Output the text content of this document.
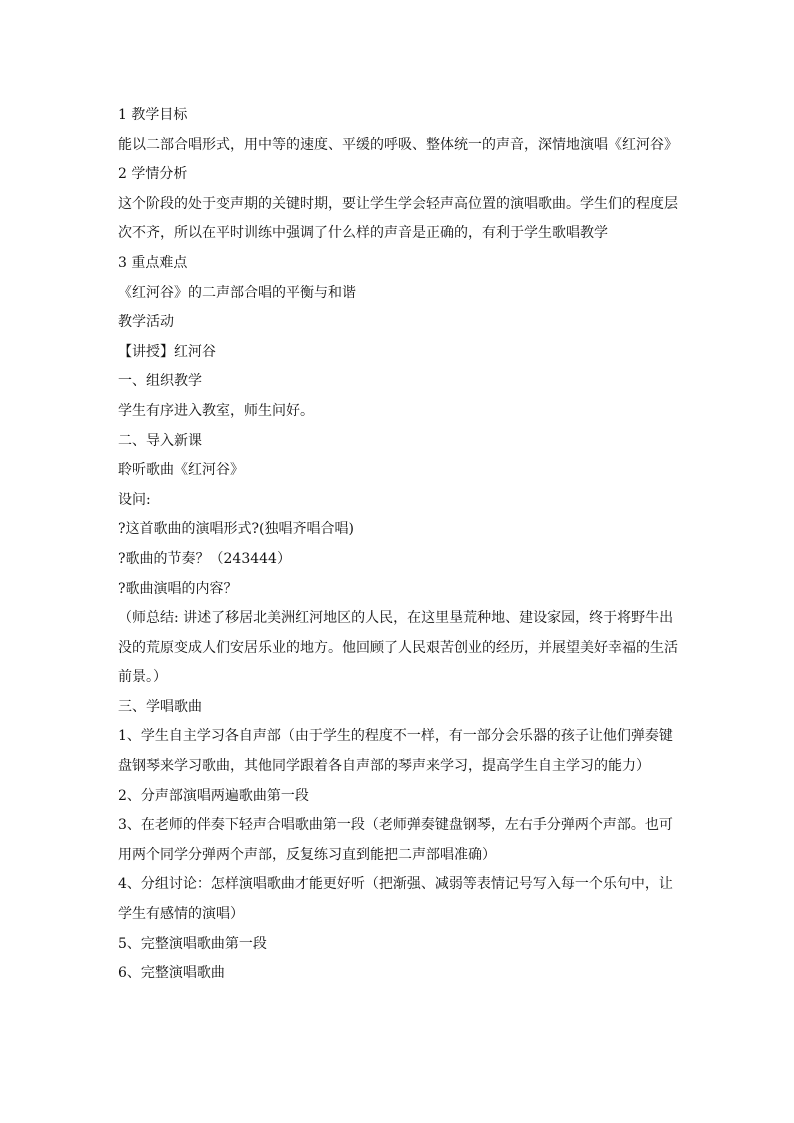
1 教学目标

能以二部合唱形式，用中等的速度、平缓的呼吸、整体统一的声音，深情地演唱《红河谷》

2 学情分析

这个阶段的处于变声期的关键时期，要让学生学会轻声高位置的演唱歌曲。学生们的程度层

次不齐，所以在平时训练中强调了什么样的声音是正确的，有利于学生歌唱教学

3 重点难点

《红河谷》的二声部合唱的平衡与和谐

教学活动

【讲授】红河谷

一、组织教学

学生有序进入教室，师生问好。

二、导入新课

聆听歌曲《红河谷》

设问:

?这首歌曲的演唱形式?(独唱齐唱合唱)

?歌曲的节奏？（243444）

?歌曲演唱的内容？

（师总结: 讲述了移居北美洲红河地区的人民，在这里垦荒种地、建设家园，终于将野牛出

没的荒原变成人们安居乐业的地方。他回顾了人民艰苦创业的经历，并展望美好幸福的生活

前景。）

三、学唱歌曲

1、学生自主学习各自声部（由于学生的程度不一样，有一部分会乐器的孩子让他们弹奏键

盘钢琴来学习歌曲，其他同学跟着各自声部的琴声来学习，提高学生自主学习的能力）

2、分声部演唱两遍歌曲第一段

3、在老师的伴奏下轻声合唱歌曲第一段（老师弹奏键盘钢琴，左右手分弹两个声部。也可

用两个同学分弹两个声部，反复练习直到能把二声部唱准确）

4、分组讨论：怎样演唱歌曲才能更好听（把渐强、减弱等表情记号写入每一个乐句中，让

学生有感情的演唱）

5、完整演唱歌曲第一段

6、完整演唱歌曲
